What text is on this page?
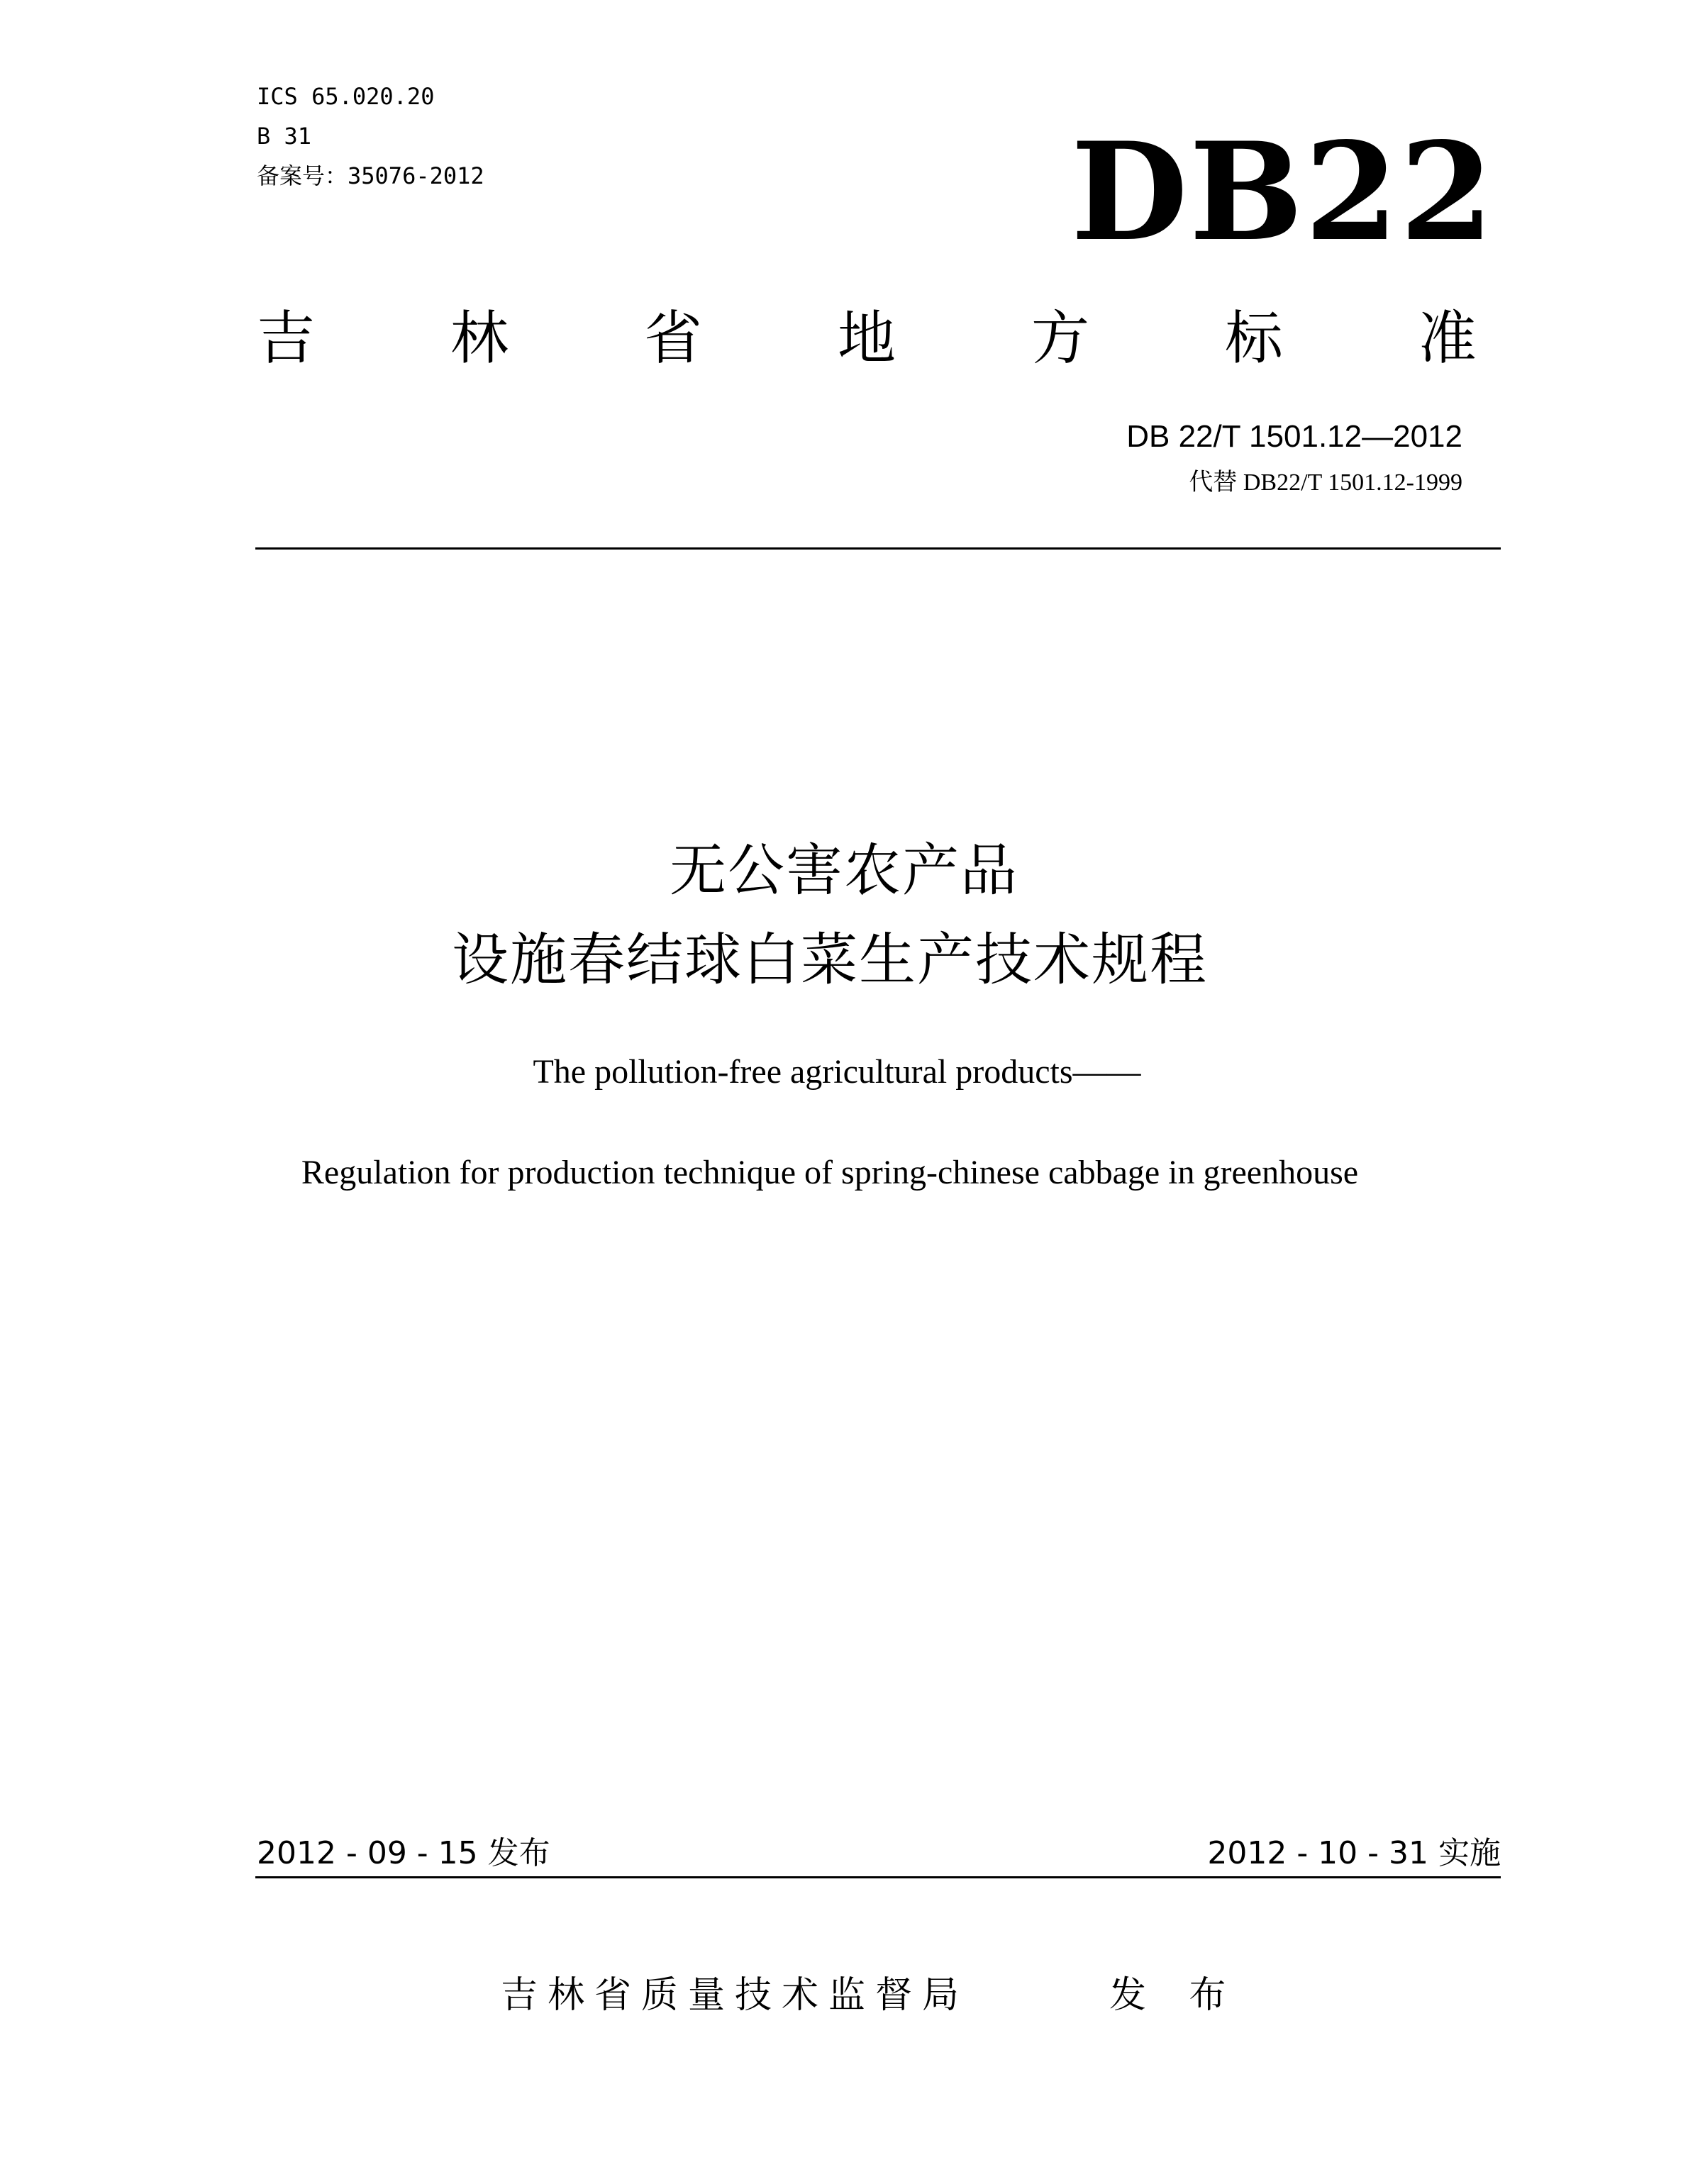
ICS 65.020.20
B 31
备案号：35076-2012	DB22
吉 林 省 地 方 标 准
DB 22/T 1501.12—2012
代替 DB22/T 1501.12-1999
无公害农产品
设施春结球白菜生产技术规程
The pollution-free agricultural products——
Regulation for production technique of spring-chinese cabbage in greenhouse
2012 - 09 - 15 发布	2012 - 10 - 31 实施
吉林省质量技术监督局	发 布
